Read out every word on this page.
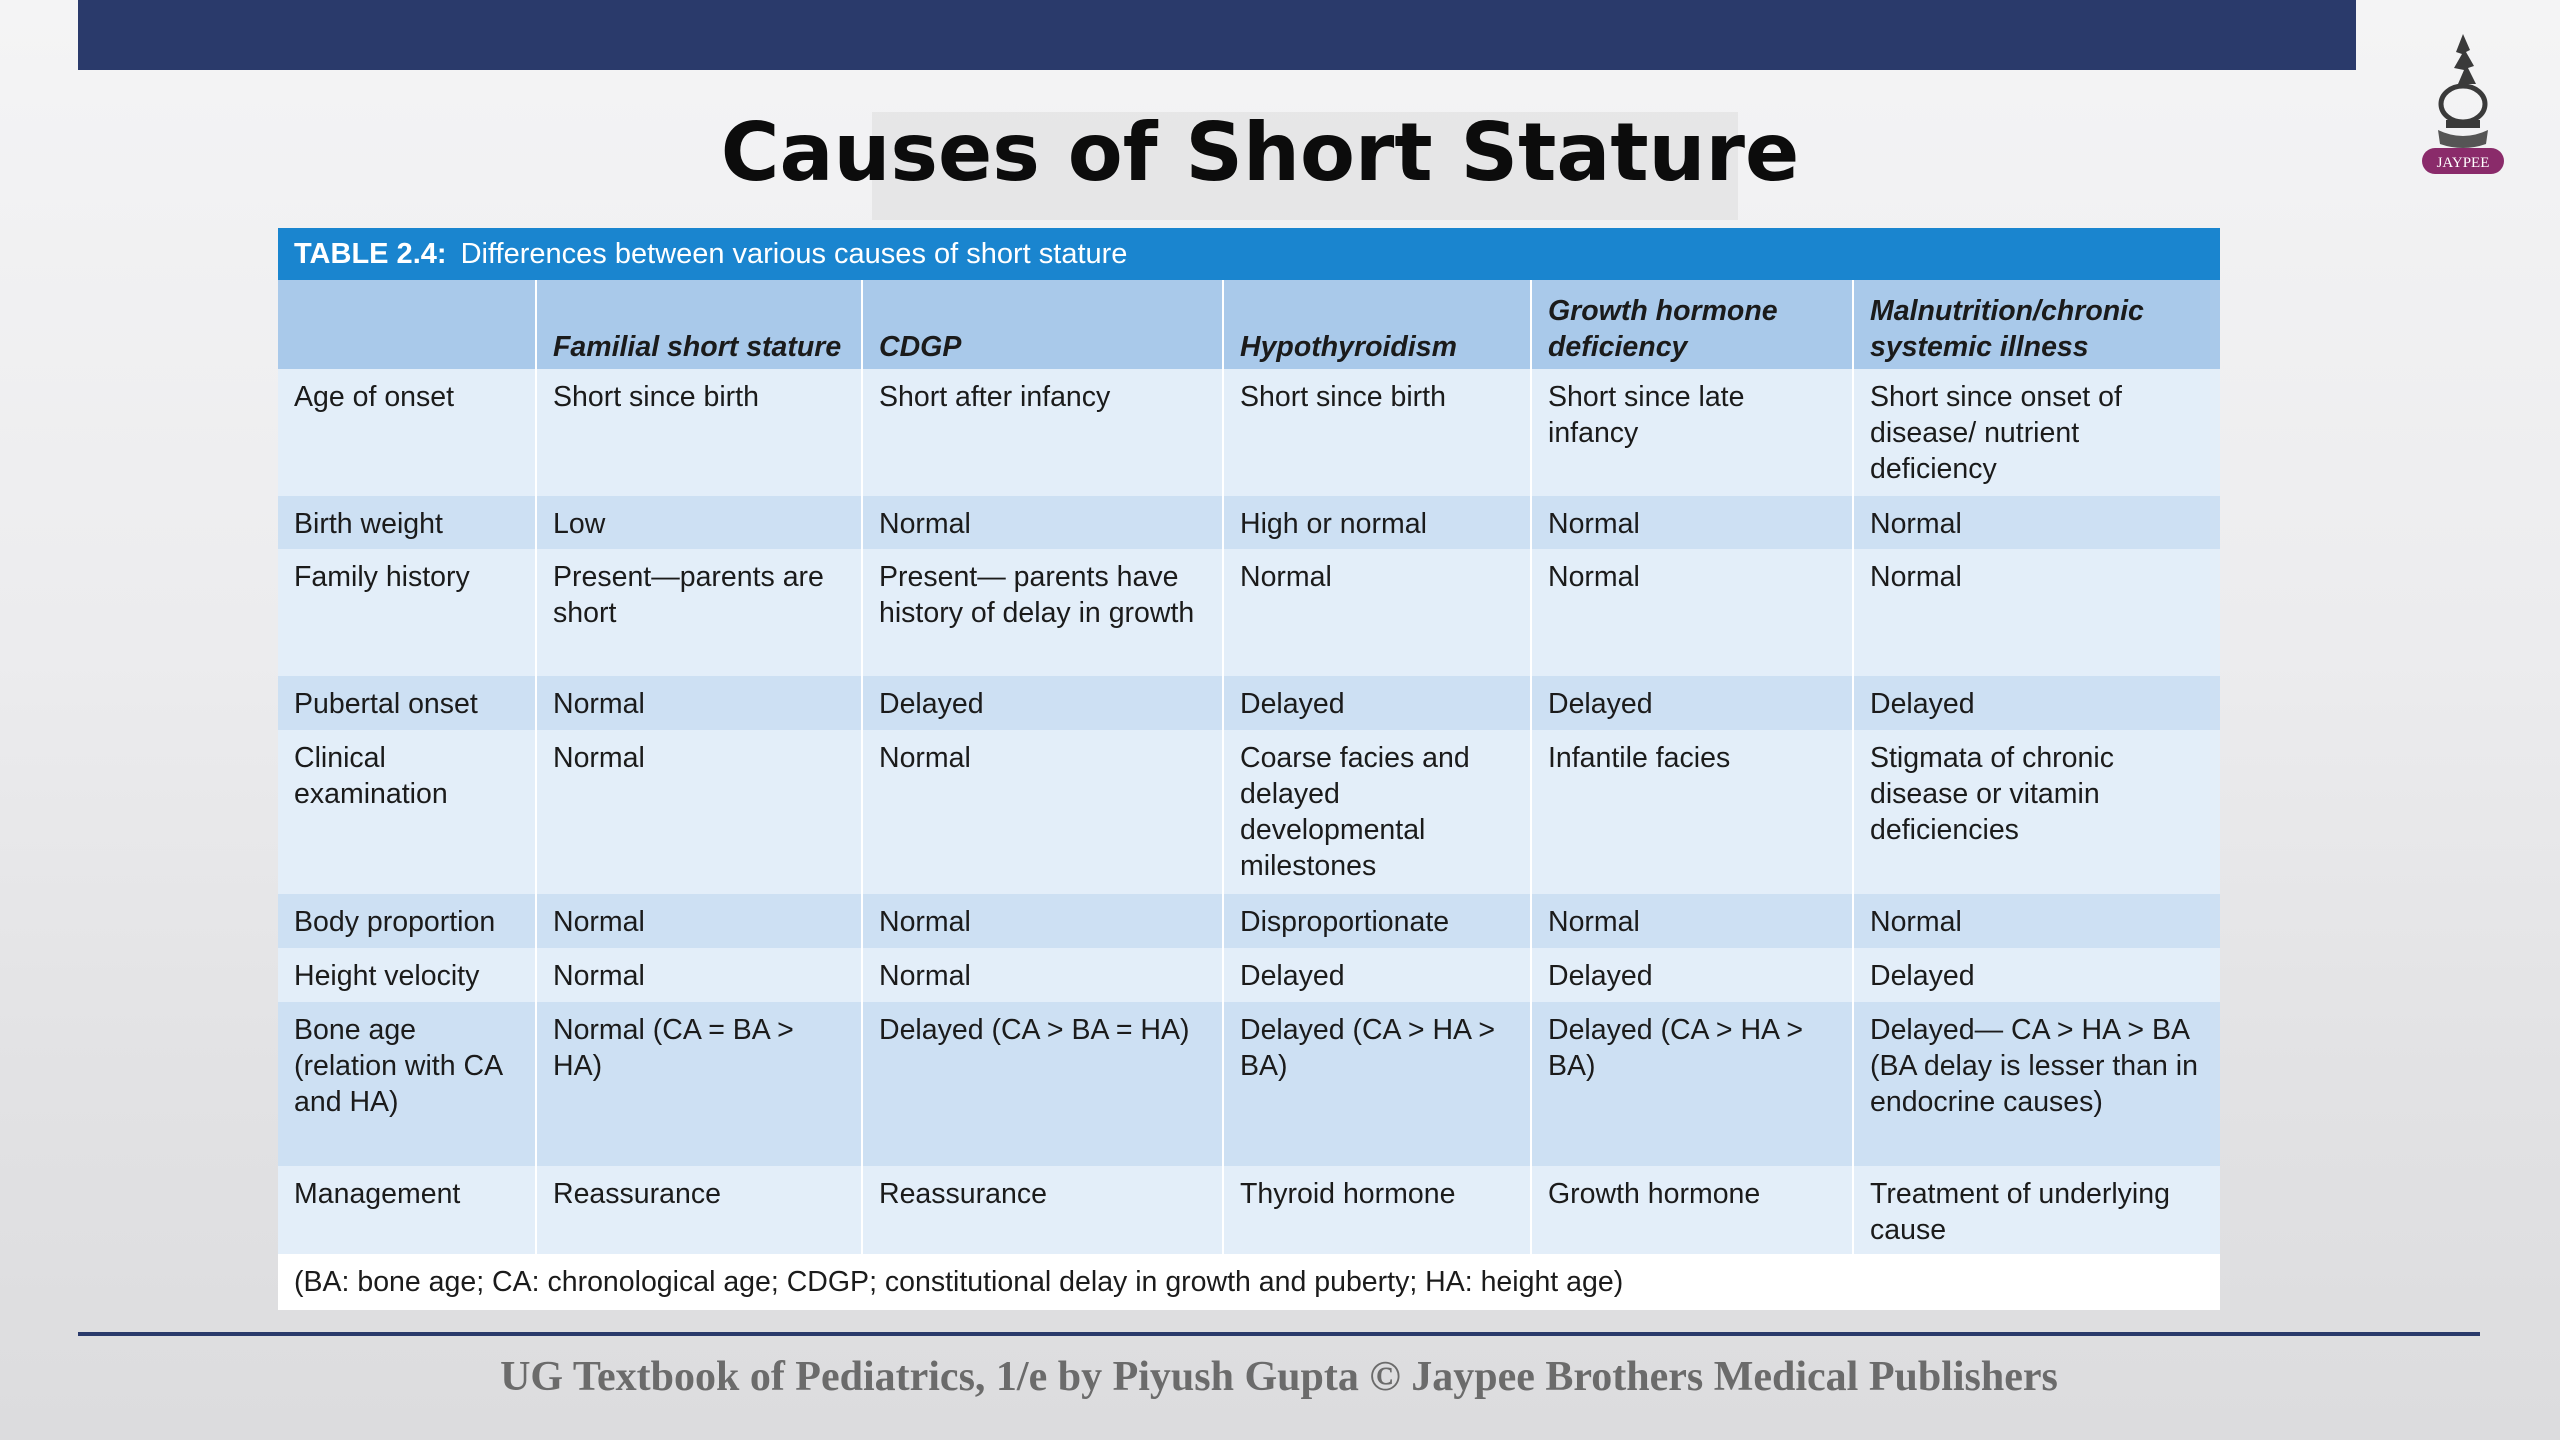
JAYPEE
Causes of Short Stature
TABLE 2.4: Differences between various causes of short stature
	Familial short stature	CDGP	Hypothyroidism	Growth hormone deficiency	Malnutrition/chronic systemic illness
Age of onset	Short since birth	Short after infancy	Short since birth	Short since late infancy	Short since onset of disease/ nutrient deficiency
Birth weight	Low	Normal	High or normal	Normal	Normal
Family history	Present—parents are short	Present— parents have history of delay in growth	Normal	Normal	Normal
Pubertal onset	Normal	Delayed	Delayed	Delayed	Delayed
Clinical examination	Normal	Normal	Coarse facies and delayed developmental milestones	Infantile facies	Stigmata of chronic disease or vitamin deficiencies
Body proportion	Normal	Normal	Disproportionate	Normal	Normal
Height velocity	Normal	Normal	Delayed	Delayed	Delayed
Bone age (relation with CA and HA)	Normal (CA = BA > HA)	Delayed (CA > BA = HA)	Delayed (CA > HA > BA)	Delayed (CA > HA > BA)	Delayed— CA > HA > BA (BA delay is lesser than in endocrine causes)
Management	Reassurance	Reassurance	Thyroid hormone	Growth hormone	Treatment of underlying cause
(BA: bone age; CA: chronological age; CDGP; constitutional delay in growth and puberty; HA: height age)
UG Textbook of Pediatrics, 1/e by Piyush Gupta © Jaypee Brothers Medical Publishers
